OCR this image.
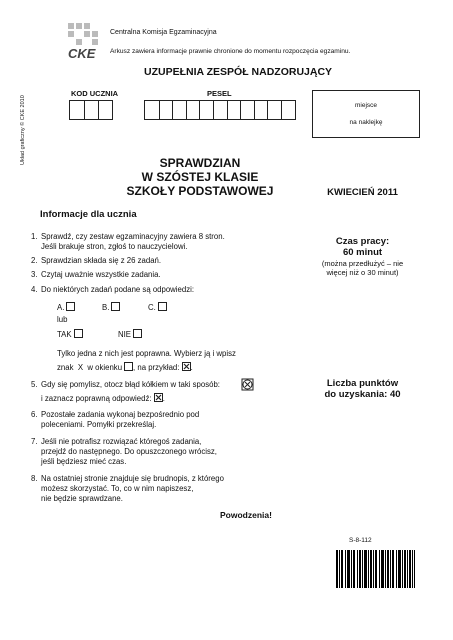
Układ graficzny © CKE 2010
CKE
Centralna Komisja Egzaminacyjna
Arkusz zawiera informacje prawnie chronione do momentu rozpoczęcia egzaminu.
UZUPEŁNIA ZESPÓŁ NADZORUJĄCY
KOD UCZNIA	PESEL
miejsce
na naklejkę
SPRAWDZIAN
W SZÓSTEJ KLASIE
SZKOŁY PODSTAWOWEJ	KWIECIEŃ 2011
Informacje dla ucznia
1. Sprawdź, czy zestaw egzaminacyjny zawiera 8 stron.
Jeśli brakuje stron, zgłoś to nauczycielowi.
2. Sprawdzian składa się z 26 zadań.
3. Czytaj uważnie wszystkie zadania.
4. Do niektórych zadań podane są odpowiedzi:
A.	B.	C.
lub
TAK	NIE
Tylko jedna z nich jest poprawna. Wybierz ją i wpisz
znak X w okienku , na przykład: .
5. Gdy się pomylisz, otocz błąd kółkiem w taki sposób:
i zaznacz poprawną odpowiedź: .
6. Pozostałe zadania wykonaj bezpośrednio pod
poleceniami. Pomyłki przekreślaj.
7. Jeśli nie potrafisz rozwiązać któregoś zadania,
przejdź do następnego. Do opuszczonego wrócisz,
jeśli będziesz mieć czas.
8. Na ostatniej stronie znajduje się brudnopis, z którego
możesz skorzystać. To, co w nim napiszesz,
nie będzie sprawdzane.
Powodzenia!
Czas pracy:
60 minut
(można przedłużyć – nie
więcej niż o 30 minut)
Liczba punktów
do uzyskania: 40
S-8-112
